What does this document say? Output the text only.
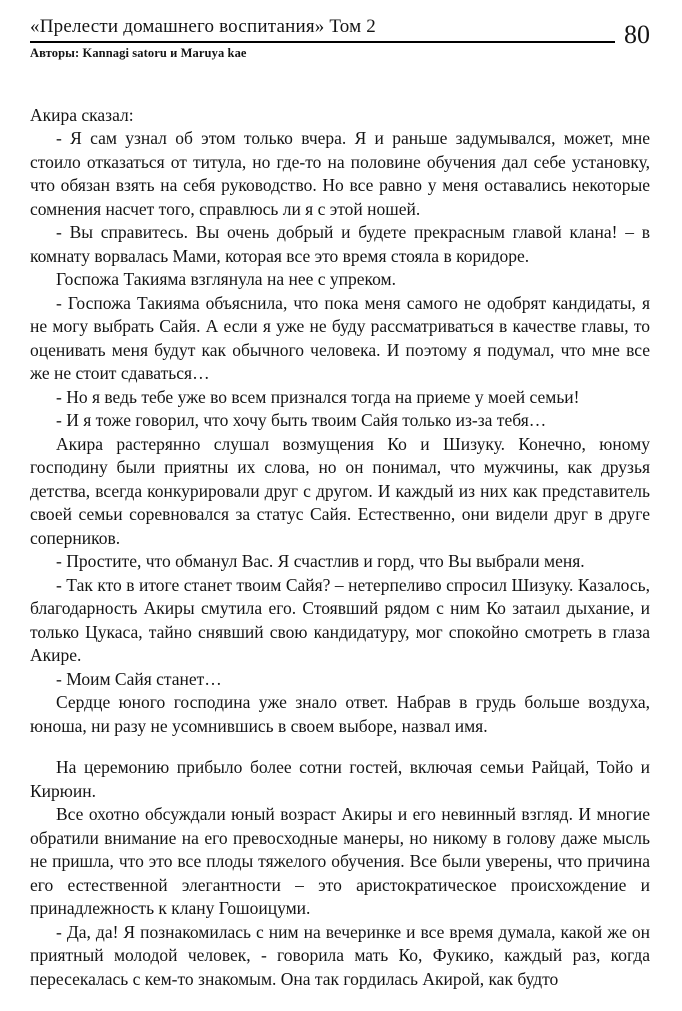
«Прелести домашнего воспитания» Том 2	80
Авторы: Kannagi satoru и Maruya kae

Акира сказал:

- Я сам узнал об этом только вчера. Я и раньше задумывался, может, мне стоило отказаться от титула, но где-то на половине обучения дал себе установку, что обязан взять на себя руководство. Но все равно у меня оставались некоторые сомнения насчет того, справлюсь ли я с этой ношей.

- Вы справитесь. Вы очень добрый и будете прекрасным главой клана! – в комнату ворвалась Мами, которая все это время стояла в коридоре.

Госпожа Такияма взглянула на нее с упреком.

- Госпожа Такияма объяснила, что пока меня самого не одобрят кандидаты, я не могу выбрать Сайя. А если я уже не буду рассматриваться в качестве главы, то оценивать меня будут как обычного человека. И поэтому я подумал, что мне все же не стоит сдаваться…

- Но я ведь тебе уже во всем признался тогда на приеме у моей семьи!

- И я тоже говорил, что хочу быть твоим Сайя только из-за тебя…

Акира растерянно слушал возмущения Ко и Шизуку. Конечно, юному господину были приятны их слова, но он понимал, что мужчины, как друзья детства, всегда конкурировали друг с другом. И каждый из них как представитель своей семьи соревновался за статус Сайя. Естественно, они видели друг в друге соперников.

- Простите, что обманул Вас. Я счастлив и горд, что Вы выбрали меня.

- Так кто в итоге станет твоим Сайя? – нетерпеливо спросил Шизуку. Казалось, благодарность Акиры смутила его. Стоявший рядом с ним Ко затаил дыхание, и только Цукаса, тайно снявший свою кандидатуру, мог спокойно смотреть в глаза Акире.

- Моим Сайя станет…

Сердце юного господина уже знало ответ. Набрав в грудь больше воздуха, юноша, ни разу не усомнившись в своем выборе, назвал имя.

На церемонию прибыло более сотни гостей, включая семьи Райцай, Тойо и Кирюин.

Все охотно обсуждали юный возраст Акиры и его невинный взгляд. И многие обратили внимание на его превосходные манеры, но никому в голову даже мысль не пришла, что это все плоды тяжелого обучения. Все были уверены, что причина его естественной элегантности – это аристократическое происхождение и принадлежность к клану Гошоицуми.

- Да, да! Я познакомилась с ним на вечеринке и все время думала, какой же он приятный молодой человек, - говорила мать Ко, Фукико, каждый раз, когда пересекалась с кем-то знакомым. Она так гордилась Акирой, как будто
